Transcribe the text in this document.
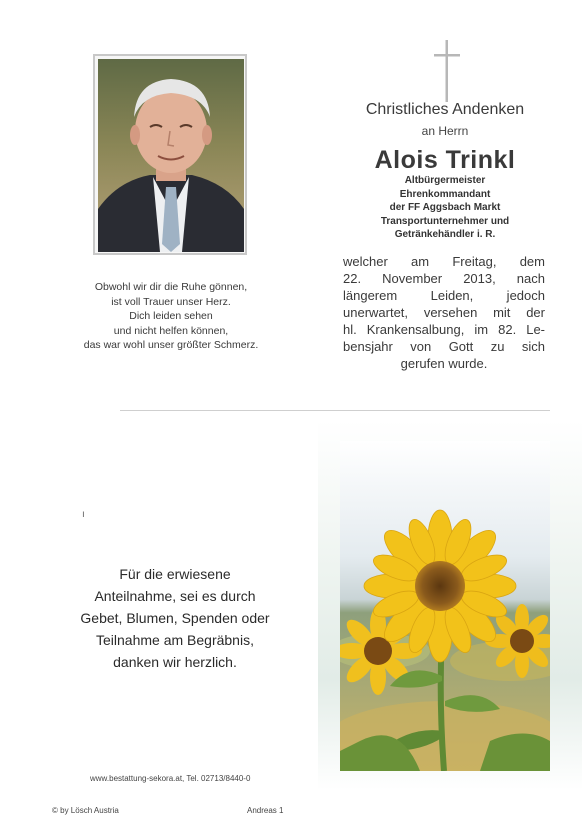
Obwohl wir dir die Ruhe gönnen,
ist voll Trauer unser Herz.
Dich leiden sehen
und nicht helfen können,
das war wohl unser größter Schmerz.
Christliches Andenken
an Herrn
Alois Trinkl
Altbürgermeister
Ehrenkommandant
der FF Aggsbach Markt
Transportunternehmer und
Getränkehändler i. R.
welcher am Freitag, dem
22. November 2013, nach
längerem Leiden, jedoch
unerwartet, versehen mit der
hl. Krankensalbung, im 82. Le-
bensjahr von Gott zu sich
gerufen wurde.
ı
Für die erwiesene
Anteilnahme, sei es durch
Gebet, Blumen, Spenden oder
Teilnahme am Begräbnis,
danken wir herzlich.
www.bestattung-sekora.at, Tel. 02713/8440-0
© by Lösch Austria	Andreas 1
